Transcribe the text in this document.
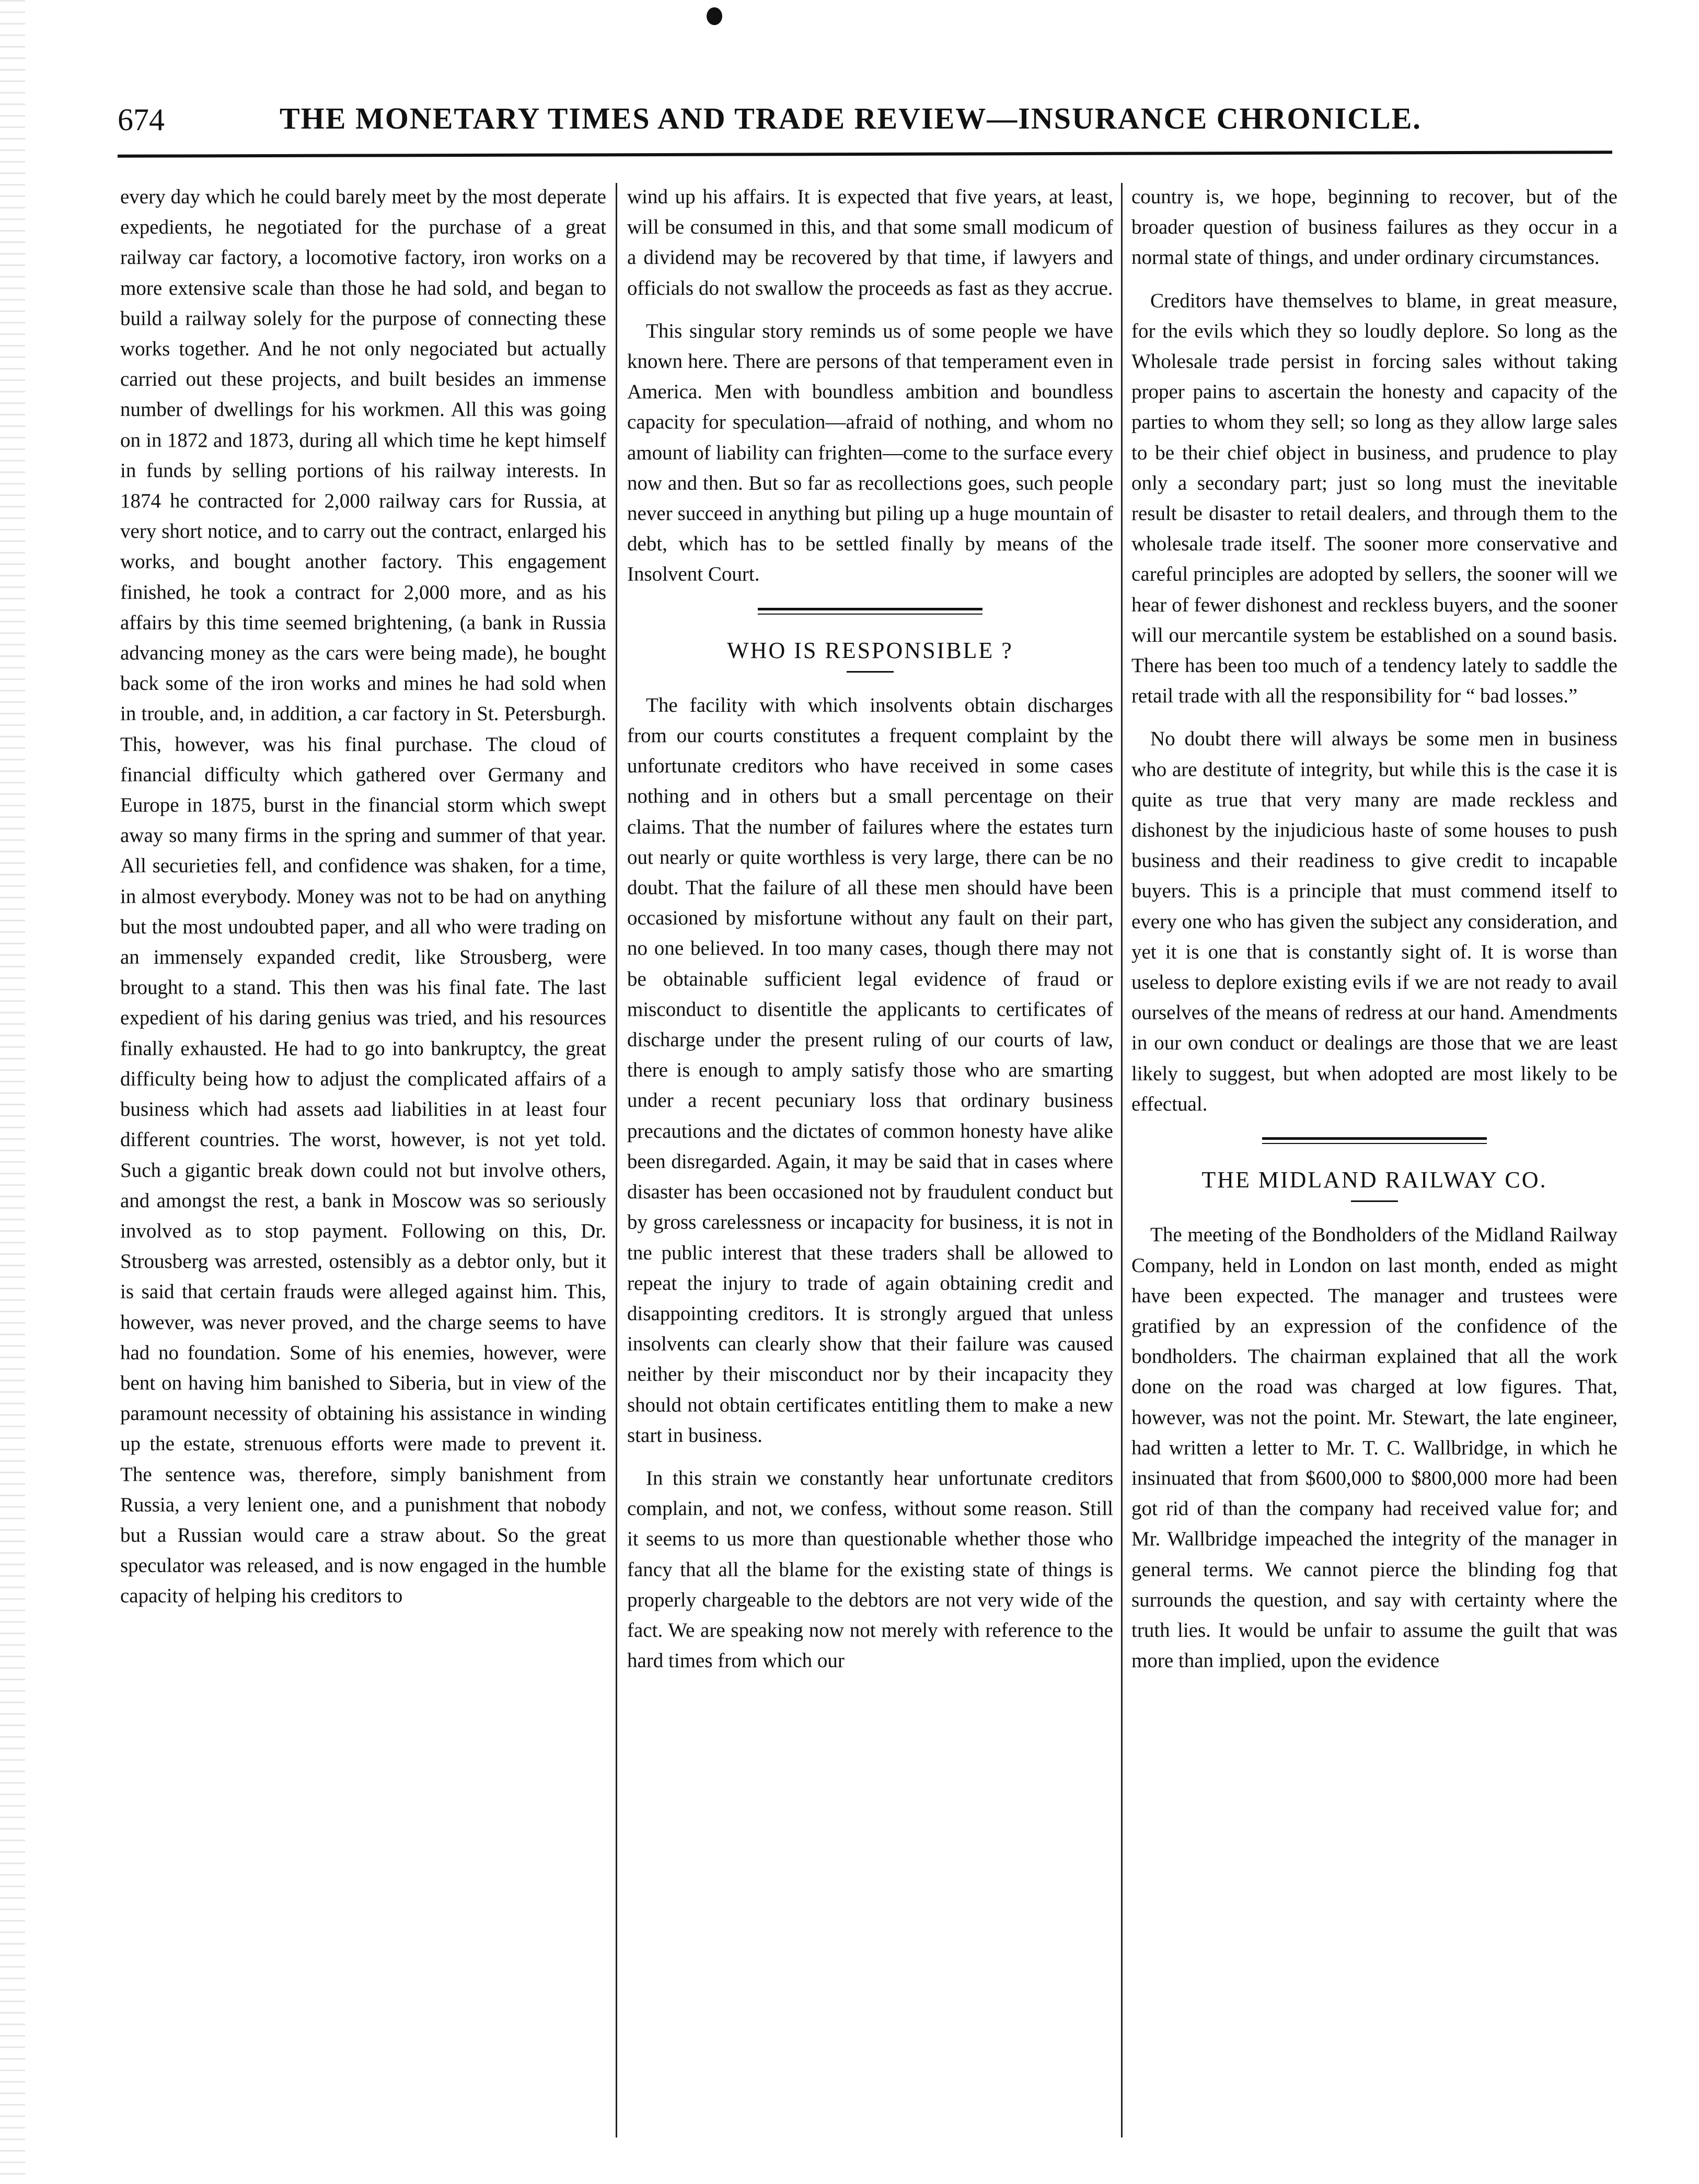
674	THE MONETARY TIMES AND TRADE REVIEW—INSURANCE CHRONICLE.

every day which he could barely meet by the most deperate expedients, he negotiated for the purchase of a great railway car factory, a locomotive factory, iron works on a more extensive scale than those he had sold, and began to build a railway solely for the purpose of connecting these works together. And he not only negociated but actually carried out these projects, and built besides an immense number of dwellings for his workmen. All this was going on in 1872 and 1873, during all which time he kept himself in funds by selling portions of his railway interests. In 1874 he contracted for 2,000 railway cars for Russia, at very short notice, and to carry out the contract, enlarged his works, and bought another factory. This engagement finished, he took a contract for 2,000 more, and as his affairs by this time seemed brightening, (a bank in Russia advancing money as the cars were being made), he bought back some of the iron works and mines he had sold when in trouble, and, in addition, a car factory in St. Petersburgh. This, however, was his final purchase. The cloud of financial difficulty which gathered over Germany and Europe in 1875, burst in the financial storm which swept away so many firms in the spring and summer of that year. All securieties fell, and confidence was shaken, for a time, in almost everybody. Money was not to be had on anything but the most undoubted paper, and all who were trading on an immensely expanded credit, like Strousberg, were brought to a stand. This then was his final fate. The last expedient of his daring genius was tried, and his resources finally exhausted. He had to go into bankruptcy, the great difficulty being how to adjust the complicated affairs of a business which had assets aad liabilities in at least four different countries. The worst, however, is not yet told. Such a gigantic break down could not but involve others, and amongst the rest, a bank in Moscow was so seriously involved as to stop payment. Following on this, Dr. Strousberg was arrested, ostensibly as a debtor only, but it is said that certain frauds were alleged against him. This, however, was never proved, and the charge seems to have had no foundation. Some of his enemies, however, were bent on having him banished to Siberia, but in view of the paramount necessity of obtaining his assistance in winding up the estate, strenuous efforts were made to prevent it. The sentence was, therefore, simply banishment from Russia, a very lenient one, and a punishment that nobody but a Russian would care a straw about. So the great speculator was released, and is now engaged in the humble capacity of helping his creditors to

wind up his affairs. It is expected that five years, at least, will be consumed in this, and that some small modicum of a dividend may be recovered by that time, if lawyers and officials do not swallow the proceeds as fast as they accrue.

This singular story reminds us of some people we have known here. There are persons of that temperament even in America. Men with boundless ambition and boundless capacity for speculation—afraid of nothing, and whom no amount of liability can frighten—come to the surface every now and then. But so far as recollections goes, such people never succeed in anything but piling up a huge mountain of debt, which has to be settled finally by means of the Insolvent Court.

WHO IS RESPONSIBLE ?

The facility with which insolvents obtain discharges from our courts constitutes a frequent complaint by the unfortunate creditors who have received in some cases nothing and in others but a small percentage on their claims. That the number of failures where the estates turn out nearly or quite worthless is very large, there can be no doubt. That the failure of all these men should have been occasioned by misfortune without any fault on their part, no one believed. In too many cases, though there may not be obtainable sufficient legal evidence of fraud or misconduct to disentitle the applicants to certificates of discharge under the present ruling of our courts of law, there is enough to amply satisfy those who are smarting under a recent pecuniary loss that ordinary business precautions and the dictates of common honesty have alike been disregarded. Again, it may be said that in cases where disaster has been occasioned not by fraudulent conduct but by gross carelessness or incapacity for business, it is not in tne public interest that these traders shall be allowed to repeat the injury to trade of again obtaining credit and disappointing creditors. It is strongly argued that unless insolvents can clearly show that their failure was caused neither by their misconduct nor by their incapacity they should not obtain certificates entitling them to make a new start in business.

In this strain we constantly hear unfortunate creditors complain, and not, we confess, without some reason. Still it seems to us more than questionable whether those who fancy that all the blame for the existing state of things is properly chargeable to the debtors are not very wide of the fact. We are speaking now not merely with reference to the hard times from which our

country is, we hope, beginning to recover, but of the broader question of business failures as they occur in a normal state of things, and under ordinary circumstances.

Creditors have themselves to blame, in great measure, for the evils which they so loudly deplore. So long as the Wholesale trade persist in forcing sales without taking proper pains to ascertain the honesty and capacity of the parties to whom they sell; so long as they allow large sales to be their chief object in business, and prudence to play only a secondary part; just so long must the inevitable result be disaster to retail dealers, and through them to the wholesale trade itself. The sooner more conservative and careful principles are adopted by sellers, the sooner will we hear of fewer dishonest and reckless buyers, and the sooner will our mercantile system be established on a sound basis. There has been too much of a tendency lately to saddle the retail trade with all the responsibility for “ bad losses.”

No doubt there will always be some men in business who are destitute of integrity, but while this is the case it is quite as true that very many are made reckless and dishonest by the injudicious haste of some houses to push business and their readiness to give credit to incapable buyers. This is a principle that must commend itself to every one who has given the subject any consideration, and yet it is one that is constantly sight of. It is worse than useless to deplore existing evils if we are not ready to avail ourselves of the means of redress at our hand. Amendments in our own conduct or dealings are those that we are least likely to suggest, but when adopted are most likely to be effectual.

THE MIDLAND RAILWAY CO.

The meeting of the Bondholders of the Midland Railway Company, held in London on last month, ended as might have been expected. The manager and trustees were gratified by an expression of the confidence of the bondholders. The chairman explained that all the work done on the road was charged at low figures. That, however, was not the point. Mr. Stewart, the late engineer, had written a letter to Mr. T. C. Wallbridge, in which he insinuated that from $600,000 to $800,000 more had been got rid of than the company had received value for; and Mr. Wallbridge impeached the integrity of the manager in general terms. We cannot pierce the blinding fog that surrounds the question, and say with certainty where the truth lies. It would be unfair to assume the guilt that was more than implied, upon the evidence
